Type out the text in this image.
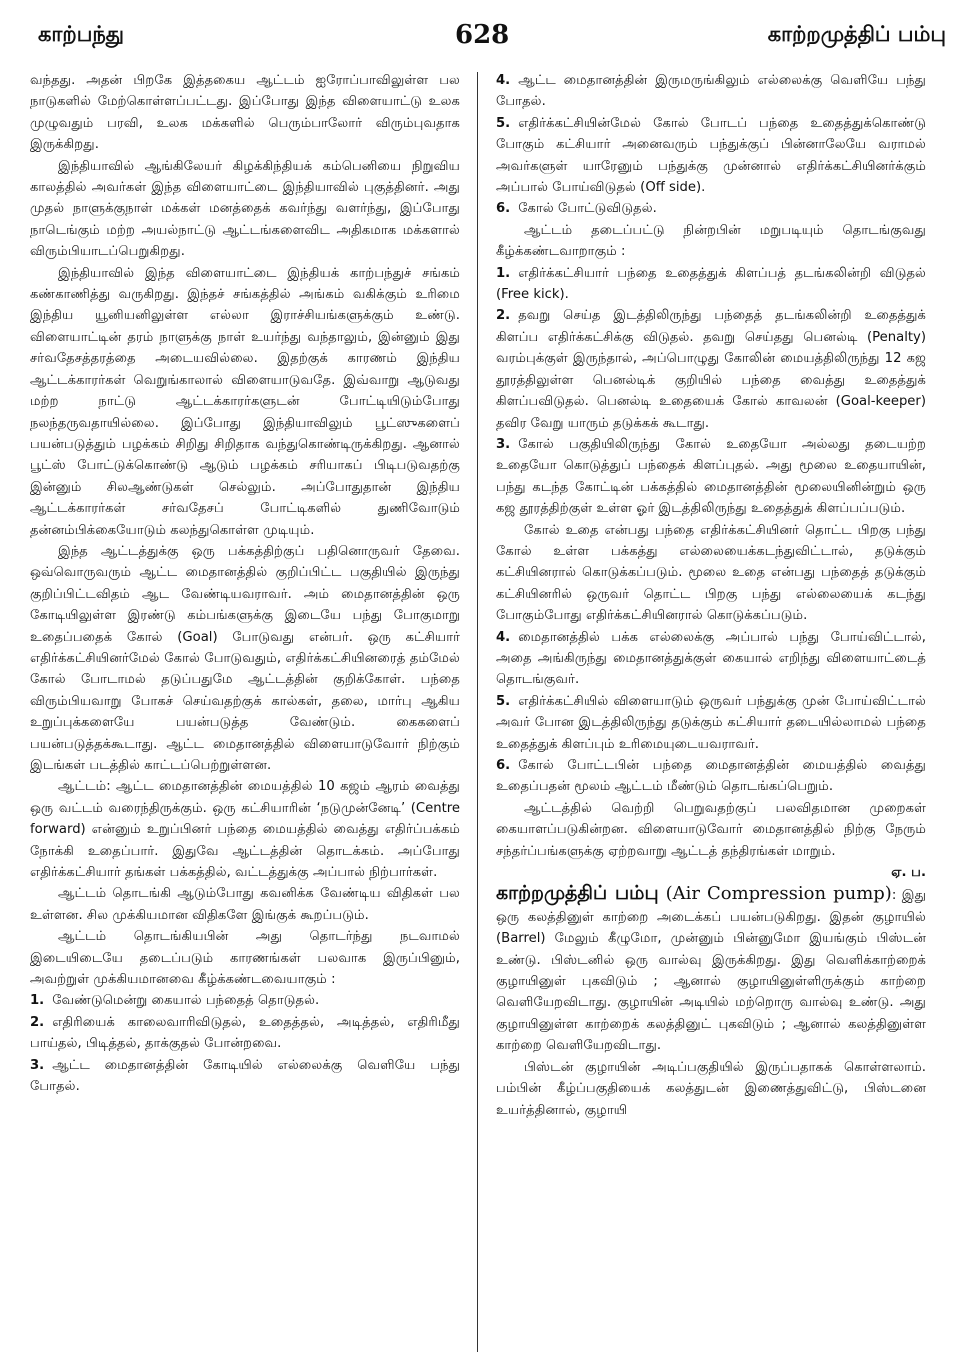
காற்பந்து	628	காற்றமுத்திப் பம்பு

வந்தது. அதன் பிறகே இத்தகைய ஆட்டம் ஐரோப்பாவிலுள்ள பல நாடுகளில் மேற்கொள்ளப்பட்டது. இப்போது இந்த விளையாட்டு உலக முழுவதும் பரவி, உலக மக்களில் பெரும்பாலோர் விரும்புவதாக இருக்கிறது.

இந்தியாவில் ஆங்கிலேயர் கிழக்கிந்தியக் கம்பெனியை நிறுவிய காலத்தில் அவர்கள் இந்த விளையாட்டை இந்தியாவில் புகுத்தினர். அது முதல் நாளுக்குநாள் மக்கள் மனத்தைக் கவர்ந்து வளர்ந்து, இப்போது நாடெங்கும் மற்ற அயல்நாட்டு ஆட்டங்களைவிட அதிகமாக மக்களால் விரும்பியாடப்பெறுகிறது.

இந்தியாவில் இந்த விளையாட்டை இந்தியக் காற்பந்துச் சங்கம் கண்காணித்து வருகிறது. இந்தச் சங்கத்தில் அங்கம் வகிக்கும் உரிமை இந்திய யூனியனிலுள்ள எல்லா இராச்சியங்களுக்கும் உண்டு. விளையாட்டின் தரம் நாளுக்கு நாள் உயர்ந்து வந்தாலும், இன்னும் இது சர்வதேசத்தரத்தை அடையவில்லை. இதற்குக் காரணம் இந்திய ஆட்டக்காரர்கள் வெறுங்காலால் விளையாடுவதே. இவ்வாறு ஆடுவது மற்ற நாட்டு ஆட்டக்காரர்களுடன் போட்டியிடும்போது நலந்தருவதாயில்லை. இப்போது இந்தியாவிலும் பூட்ஸுகளைப் பயன்படுத்தும் பழக்கம் சிறிது சிறிதாக வந்துகொண்டிருக்கிறது. ஆனால் பூட்ஸ் போட்டுக்கொண்டு ஆடும் பழக்கம் சரியாகப் பிடிபடுவதற்கு இன்னும் சிலஆண்டுகள் செல்லும். அப்போதுதான் இந்திய ஆட்டக்காரர்கள் சர்வதேசப் போட்டிகளில் துணிவோடும் தன்னம்பிக்கையோடும் கலந்துகொள்ள முடியும்.

இந்த ஆட்டத்துக்கு ஒரு பக்கத்திற்குப் பதினொருவர் தேவை. ஒவ்வொருவரும் ஆட்ட மைதானத்தில் குறிப்பிட்ட பகுதியில் இருந்து குறிப்பிட்டவிதம் ஆட வேண்டியவராவர். அம் மைதானத்தின் ஒரு கோடியிலுள்ள இரண்டு கம்பங்களுக்கு இடையே பந்து போகுமாறு உதைப்பதைக் கோல் (Goal) போடுவது என்பர். ஒரு கட்சியார் எதிர்க்கட்சியினர்மேல் கோல் போடுவதும், எதிர்க்கட்சியினரைத் தம்மேல் கோல் போடாமல் தடுப்பதுமே ஆட்டத்தின் குறிக்கோள். பந்தை விரும்பியவாறு போகச் செய்வதற்குக் கால்கள், தலை, மார்பு ஆகிய உறுப்புக்களையே பயன்படுத்த வேண்டும். கைகளைப் பயன்படுத்தக்கூடாது. ஆட்ட மைதானத்தில் விளையாடுவோர் நிற்கும் இடங்கள் படத்தில் காட்டப்பெற்றுள்ளன.

ஆட்டம்: ஆட்ட மைதானத்தின் மையத்தில் 10 கஜம் ஆரம் வைத்து ஒரு வட்டம் வரைந்திருக்கும். ஒரு கட்சியாரின் ‘நடுமுன்னேடி’ (Centre forward) என்னும் உறுப்பினர் பந்தை மையத்தில் வைத்து எதிர்ப்பக்கம் நோக்கி உதைப்பார். இதுவே ஆட்டத்தின் தொடக்கம். அப்போது எதிர்க்கட்சியார் தங்கள் பக்கத்தில், வட்டத்துக்கு அப்பால் நிற்பார்கள்.

ஆட்டம் தொடங்கி ஆடும்போது கவனிக்க வேண்டிய விதிகள் பல உள்ளன. சில முக்கியமான விதிகளே இங்குக் கூறப்படும்.

ஆட்டம் தொடங்கியபின் அது தொடர்ந்து நடவாமல் இடையிடையே தடைப்படும் காரணங்கள் பலவாக இருப்பினும், அவற்றுள் முக்கியமானவை கீழ்க்கண்டவையாகும் :

1. வேண்டுமென்று கையால் பந்தைத் தொடுதல்.

2. எதிரியைக் காலைவாரிவிடுதல், உதைத்தல், அடித்தல், எதிரிமீது பாய்தல், பிடித்தல், தாக்குதல் போன்றவை.

3. ஆட்ட மைதானத்தின் கோடியில் எல்லைக்கு வெளியே பந்து போதல்.

4. ஆட்ட மைதானத்தின் இருமருங்கிலும் எல்லைக்கு வெளியே பந்து போதல்.

5. எதிர்க்கட்சியின்மேல் கோல் போடப் பந்தை உதைத்துக்கொண்டு போகும் கட்சியார் அனைவரும் பந்துக்குப் பின்னாலேயே வராமல் அவர்களுள் யாரேனும் பந்துக்கு முன்னால் எதிர்க்கட்சியினர்க்கும் அப்பால் போய்விடுதல் (Off side).

6. கோல் போட்டுவிடுதல்.

ஆட்டம் தடைப்பட்டு நின்றபின் மறுபடியும் தொடங்குவது கீழ்க்கண்டவாறாகும் :

1. எதிர்க்கட்சியார் பந்தை உதைத்துக் கிளப்பத் தடங்கலின்றி விடுதல் (Free kick).

2. தவறு செய்த இடத்திலிருந்து பந்தைத் தடங்கலின்றி உதைத்துக் கிளப்ப எதிர்க்கட்சிக்கு விடுதல். தவறு செய்தது பெனல்டி (Penalty) வரம்புக்குள் இருந்தால், அப்பொழுது கோலின் மையத்திலிருந்து 12 கஜ தூரத்திலுள்ள பெனல்டிக் குறியில் பந்தை வைத்து உதைத்துக் கிளப்பவிடுதல். பெனல்டி உதையைக் கோல் காவலன் (Goal-keeper) தவிர வேறு யாரும் தடுக்கக் கூடாது.

3. கோல் பகுதியிலிருந்து கோல் உதையோ அல்லது தடையற்ற உதையோ கொடுத்துப் பந்தைக் கிளப்புதல். அது மூலை உதையாயின், பந்து கடந்த கோட்டின் பக்கத்தில் மைதானத்தின் மூலையினின்றும் ஒரு கஜ தூரத்திற்குள் உள்ள ஓர் இடத்திலிருந்து உதைத்துக் கிளப்பப்படும்.

கோல் உதை என்பது பந்தை எதிர்க்கட்சியினர் தொட்ட பிறகு பந்து கோல் உள்ள பக்கத்து எல்லையைக்கடந்துவிட்டால், தடுக்கும் கட்சியினரால் கொடுக்கப்படும். மூலை உதை என்பது பந்தைத் தடுக்கும் கட்சியினரில் ஒருவர் தொட்ட பிறகு பந்து எல்லையைக் கடந்து போகும்போது எதிர்க்கட்சியினரால் கொடுக்கப்படும்.

4. மைதானத்தில் பக்க எல்லைக்கு அப்பால் பந்து போய்விட்டால், அதை அங்கிருந்து மைதானத்துக்குள் கையால் எறிந்து விளையாட்டைத் தொடங்குவர்.

5. எதிர்க்கட்சியில் விளையாடும் ஒருவர் பந்துக்கு முன் போய்விட்டால் அவர் போன இடத்திலிருந்து தடுக்கும் கட்சியார் தடையில்லாமல் பந்தை உதைத்துக் கிளப்பும் உரிமையுடையவராவர்.

6. கோல் போட்டபின் பந்தை மைதானத்தின் மையத்தில் வைத்து உதைப்பதன் மூலம் ஆட்டம் மீண்டும் தொடங்கப்பெறும்.

ஆட்டத்தில் வெற்றி பெறுவதற்குப் பலவிதமான முறைகள் கையாளப்படுகின்றன. விளையாடுவோர் மைதானத்தில் நிற்கு நேரும் சந்தர்ப்பங்களுக்கு ஏற்றவாறு ஆட்டத் தந்திரங்கள் மாறும்.

ஏ. ப.

காற்றமுத்திப் பம்பு (Air Compression pump): இது ஒரு கலத்தினுள் காற்றை அடைக்கப் பயன்படுகிறது. இதன் குழாயில் (Barrel) மேலும் கீழுமோ, முன்னும் பின்னுமோ இயங்கும் பிஸ்டன் உண்டு. பிஸ்டனில் ஒரு வால்வு இருக்கிறது. இது வெளிக்காற்றைக் குழாயினுள் புகவிடும் ; ஆனால் குழாயினுள்ளிருக்கும் காற்றை வெளியேறவிடாது. குழாயின் அடியில் மற்றொரு வால்வு உண்டு. அது குழாயினுள்ள காற்றைக் கலத்தினுட் புகவிடும் ; ஆனால் கலத்தினுள்ள காற்றை வெளியேறவிடாது.

பிஸ்டன் குழாயின் அடிப்பகுதியில் இருப்பதாகக் கொள்ளலாம். பம்பின் கீழ்ப்பகுதியைக் கலத்துடன் இணைத்துவிட்டு, பிஸ்டனை உயர்த்தினால், குழாயி
